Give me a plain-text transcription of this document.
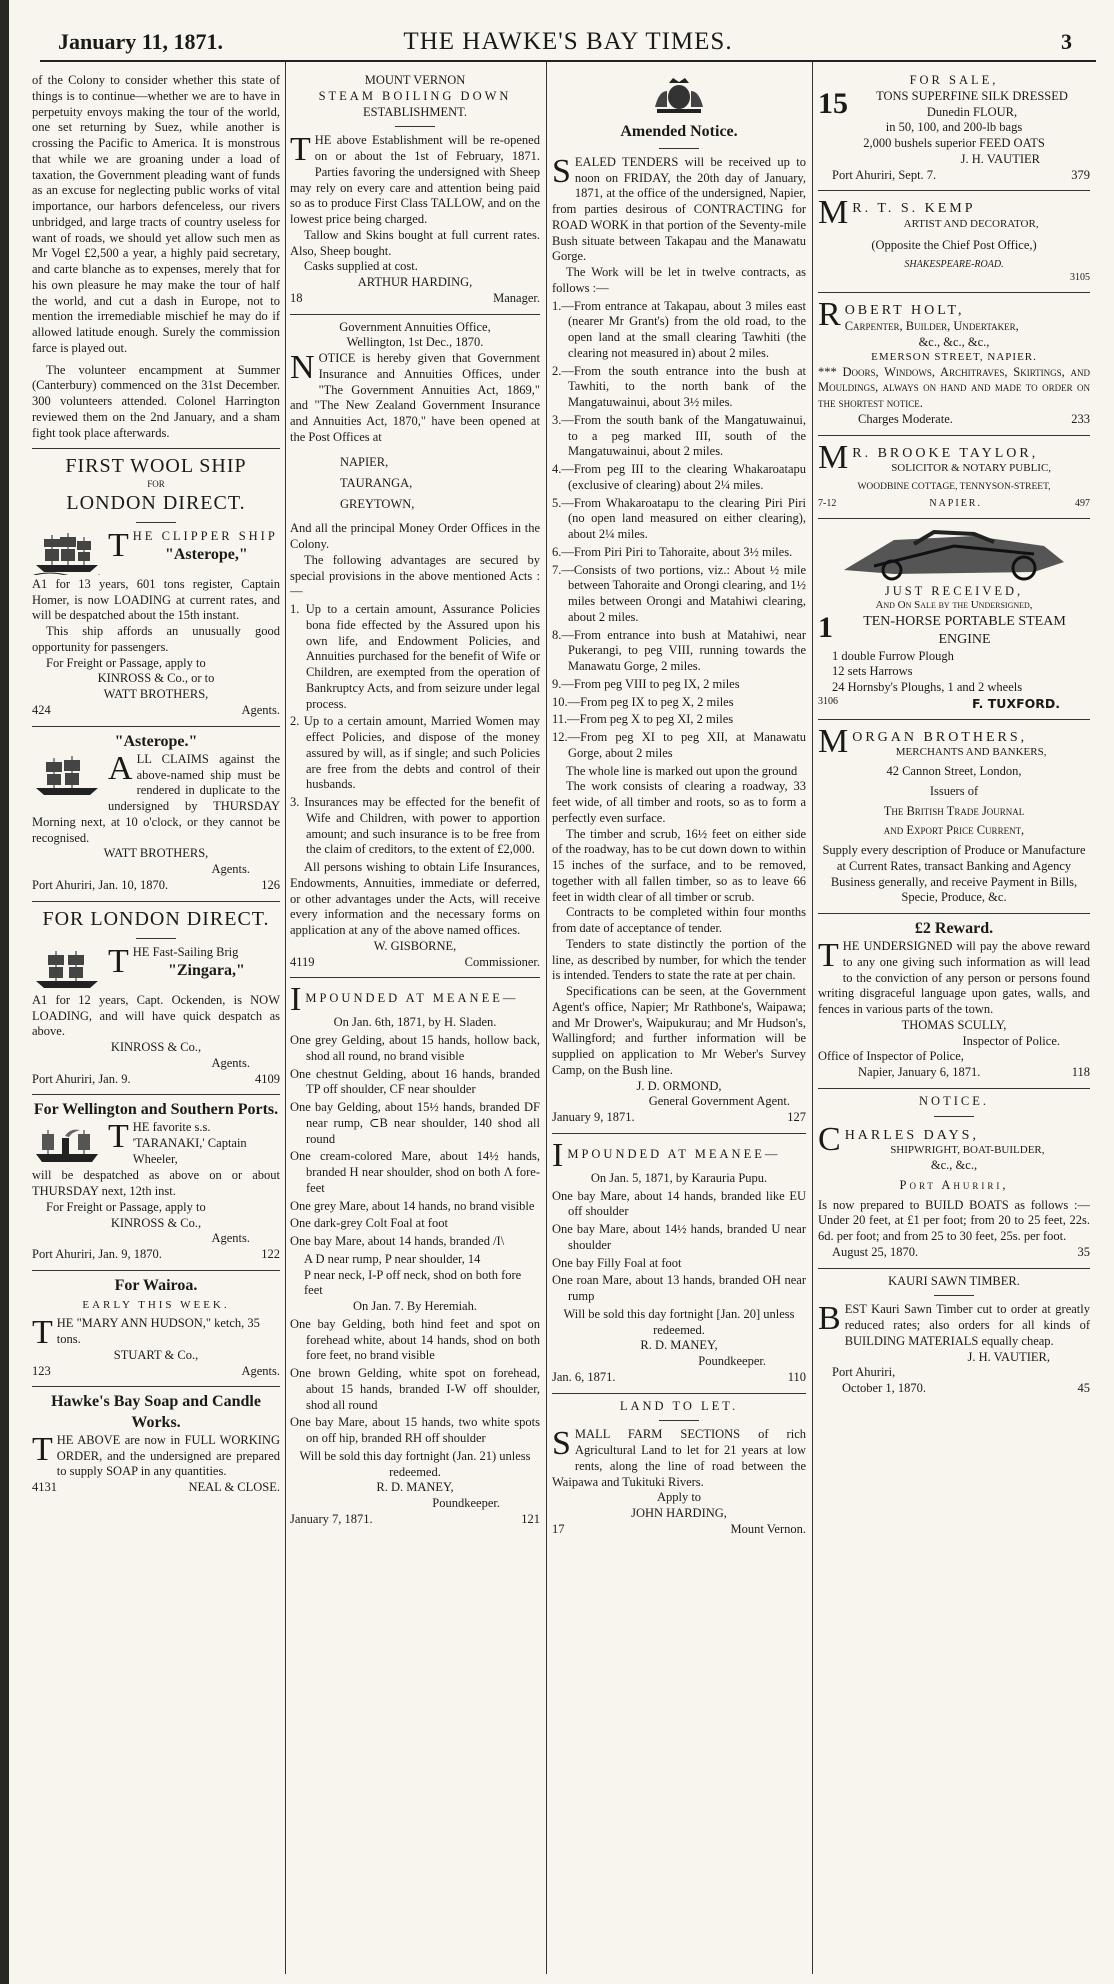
January 11, 1871.	THE HAWKE'S BAY TIMES.	3

of the Colony to consider whether this state of things is to continue—whether we are to have in perpetuity envoys making the tour of the world, one set returning by Suez, while another is crossing the Pacific to America. It is monstrous that while we are groaning under a load of taxation, the Government pleading want of funds as an excuse for neglecting public works of vital importance, our harbors defenceless, our rivers unbridged, and large tracts of country useless for want of roads, we should yet allow such men as Mr Vogel £2,500 a year, a highly paid secretary, and carte blanche as to expenses, merely that for his own pleasure he may make the tour of half the world, and cut a dash in Europe, not to mention the irremediable mischief he may do if allowed latitude enough. Surely the commission farce is played out.

The volunteer encampment at Summer (Canterbury) commenced on the 31st December. 300 volunteers attended. Colonel Harrington reviewed them on the 2nd January, and a sham fight took place afterwards.

FIRST WOOL SHIP

FOR

LONDON DIRECT.

T HE CLIPPER SHIP

"Asterope,"

A1 for 13 years, 601 tons register, Captain Homer, is now LOADING at current rates, and will be despatched about the 15th instant.

This ship affords an unusually good opportunity for passengers.

For Freight or Passage, apply to

KINROSS & Co., or to

WATT BROTHERS,

424	Agents.

"Asterope."

A LL CLAIMS against the above-named ship must be rendered in duplicate to the undersigned by THURSDAY Morning next, at 10 o'clock, or they cannot be recognised.

WATT BROTHERS,

Agents.

Port Ahuriri, Jan. 10, 1870.	126

FOR LONDON DIRECT.

T HE Fast-Sailing Brig

"Zingara,"

A1 for 12 years, Capt. Ockenden, is NOW LOADING, and will have quick despatch as above.

KINROSS & Co.,

Agents.

Port Ahuriri, Jan. 9.	4109

For Wellington and Southern Ports.

T HE favorite s.s. 'TARANAKI,' Captain Wheeler,

will be despatched as above on or about THURSDAY next, 12th inst.

For Freight or Passage, apply to

KINROSS & Co.,

Agents.

Port Ahuriri, Jan. 9, 1870.	122

For Wairoa.

EARLY THIS WEEK.

T HE "MARY ANN HUDSON," ketch, 35 tons.

STUART & Co.,

123	Agents.

Hawke's Bay Soap and Candle Works.

T HE ABOVE are now in FULL WORKING ORDER, and the undersigned are prepared to supply SOAP in any quantities.

4131	NEAL & CLOSE.

MOUNT VERNON

STEAM BOILING DOWN

ESTABLISHMENT.

T HE above Establishment will be re-opened on or about the 1st of February, 1871. Parties favoring the undersigned with Sheep may rely on every care and attention being paid so as to produce First Class TALLOW, and on the lowest price being charged.

Tallow and Skins bought at full current rates. Also, Sheep bought.

Casks supplied at cost.

ARTHUR HARDING,

18	Manager.

Government Annuities Office,

Wellington, 1st Dec., 1870.

N OTICE is hereby given that Government Insurance and Annuities Offices, under "The Government Annuities Act, 1869," and "The New Zealand Government Insurance and Annuities Act, 1870," have been opened at the Post Offices at

NAPIER,

TAURANGA,

GREYTOWN,

And all the principal Money Order Offices in the Colony.

The following advantages are secured by special provisions in the above mentioned Acts :—

1. Up to a certain amount, Assurance Policies bona fide effected by the Assured upon his own life, and Endowment Policies, and Annuities purchased for the benefit of Wife or Children, are exempted from the operation of Bankruptcy Acts, and from seizure under legal process.

2. Up to a certain amount, Married Women may effect Policies, and dispose of the money assured by will, as if single; and such Policies are free from the debts and control of their husbands.

3. Insurances may be effected for the benefit of Wife and Children, with power to apportion amount; and such insurance is to be free from the claim of creditors, to the extent of £2,000.

All persons wishing to obtain Life Insurances, Endowments, Annuities, immediate or deferred, or other advantages under the Acts, will receive every information and the necessary forms on application at any of the above named offices.

W. GISBORNE,

4119	Commissioner.
I MPOUNDED AT MEANEE—

On Jan. 6th, 1871, by H. Sladen.

One grey Gelding, about 15 hands, hollow back, shod all round, no brand visible

One chestnut Gelding, about 16 hands, branded TP off shoulder, CF near shoulder

One bay Gelding, about 15½ hands, branded DF near rump, ⊂B near shoulder, 140 shod all round

One cream-colored Mare, about 14½ hands, branded H near shoulder, shod on both Λ fore-feet

One grey Mare, about 14 hands, no brand visible

One dark-grey Colt Foal at foot

One bay Mare, about 14 hands, branded /I\

A D near rump, P near shoulder, 14

P near neck, I-P off neck, shod on both fore feet

On Jan. 7. By Heremiah.

One bay Gelding, both hind feet and spot on forehead white, about 14 hands, shod on both fore feet, no brand visible

One brown Gelding, white spot on forehead, about 15 hands, branded I-W off shoulder, shod all round

One bay Mare, about 15 hands, two white spots on off hip, branded RH off shoulder

Will be sold this day fortnight (Jan. 21) unless redeemed.

R. D. MANEY,

Poundkeeper.

January 7, 1871.	121

Amended Notice.

S EALED TENDERS will be received up to noon on FRIDAY, the 20th day of January, 1871, at the office of the undersigned, Napier, from parties desirous of CONTRACTING for ROAD WORK in that portion of the Seventy-mile Bush situate between Takapau and the Manawatu Gorge.

The Work will be let in twelve contracts, as follows :—

1.—From entrance at Takapau, about 3 miles east (nearer Mr Grant's) from the old road, to the open land at the small clearing Tawhiti (the clearing not measured in) about 2 miles.

2.—From the south entrance into the bush at Tawhiti, to the north bank of the Mangatuwainui, about 3½ miles.

3.—From the south bank of the Mangatuwainui, to a peg marked III, south of the Mangatuwainui, about 2 miles.

4.—From peg III to the clearing Whakaroatapu (exclusive of clearing) about 2¼ miles.

5.—From Whakaroatapu to the clearing Piri Piri (no open land measured on either clearing), about 2¼ miles.

6.—From Piri Piri to Tahoraite, about 3½ miles.

7.—Consists of two portions, viz.: About ½ mile between Tahoraite and Orongi clearing, and 1½ miles between Orongi and Matahiwi clearing, about 2 miles.

8.—From entrance into bush at Matahiwi, near Pukerangi, to peg VIII, running towards the Manawatu Gorge, 2 miles.

9.—From peg VIII to peg IX, 2 miles

10.—From peg IX to peg X, 2 miles

11.—From peg X to peg XI, 2 miles

12.—From peg XI to peg XII, at Manawatu Gorge, about 2 miles

The whole line is marked out upon the ground

The work consists of clearing a roadway, 33 feet wide, of all timber and roots, so as to form a perfectly even surface.

The timber and scrub, 16½ feet on either side of the roadway, has to be cut down down to within 15 inches of the surface, and to be removed, together with all fallen timber, so as to leave 66 feet in width clear of all timber or scrub.

Contracts to be completed within four months from date of acceptance of tender.

Tenders to state distinctly the portion of the line, as described by number, for which the tender is intended. Tenders to state the rate at per chain.

Specifications can be seen, at the Government Agent's office, Napier; Mr Rathbone's, Waipawa; and Mr Drower's, Waipukurau; and Mr Hudson's, Wallingford; and further information will be supplied on application to Mr Weber's Survey Camp, on the Bush line.

J. D. ORMOND,

General Government Agent.

January 9, 1871.	127
I MPOUNDED AT MEANEE—

On Jan. 5, 1871, by Karauria Pupu.

One bay Mare, about 14 hands, branded like EU off shoulder

One bay Mare, about 14½ hands, branded U near shoulder

One bay Filly Foal at foot

One roan Mare, about 13 hands, branded OH near rump

Will be sold this day fortnight [Jan. 20] unless redeemed.

R. D. MANEY,

Poundkeeper.

Jan. 6, 1871.	110

LAND TO LET.

S MALL FARM SECTIONS of rich Agricultural Land to let for 21 years at low rents, along the line of road between the Waipawa and Tukituki Rivers.

Apply to

JOHN HARDING,

17	Mount Vernon.

FOR SALE,

15	TONS SUPERFINE SILK DRESSED Dunedin FLOUR,

in 50, 100, and 200-lb bags

2,000 bushels superior FEED OATS

J. H. VAUTIER

Port Ahuriri, Sept. 7.	379
M R. T. S. KEMP

ARTIST AND DECORATOR,

(Opposite the Chief Post Office,)

SHAKESPEARE-ROAD.

3105

R OBERT HOLT,

Carpenter, Builder, Undertaker,

&c., &c., &c.,

EMERSON STREET, NAPIER.

*** Doors, Windows, Architraves, Skirtings, and Mouldings, always on hand and made to order on the shortest notice.

Charges Moderate.	233
M R. BROOKE TAYLOR,

SOLICITOR & NOTARY PUBLIC,

WOODBINE COTTAGE, TENNYSON-STREET,

7-12	NAPIER.	497

JUST RECEIVED,

And On Sale by the Undersigned,

1	TEN-HORSE PORTABLE STEAM ENGINE

1 double Furrow Plough

12 sets Harrows

24 Hornsby's Ploughs, 1 and 2 wheels

3106	F. TUXFORD.
M ORGAN BROTHERS,

MERCHANTS AND BANKERS,

42 Cannon Street, London,

Issuers of

The British Trade Journal

and Export Price Current,

Supply every description of Produce or Manufacture at Current Rates, transact Banking and Agency Business generally, and receive Payment in Bills, Specie, Produce, &c.

£2 Reward.

T HE UNDERSIGNED will pay the above reward to any one giving such information as will lead to the conviction of any person or persons found writing disgraceful language upon gates, walls, and fences in various parts of the town.

THOMAS SCULLY,

Inspector of Police.

Office of Inspector of Police,

Napier, January 6, 1871.	118

NOTICE.

C HARLES DAYS,

SHIPWRIGHT, BOAT-BUILDER,

&c., &c.,

Port Ahuriri,

Is now prepared to BUILD BOATS as follows :—Under 20 feet, at £1 per foot; from 20 to 25 feet, 22s. 6d. per foot; and from 25 to 30 feet, 25s. per foot.

August 25, 1870.	35

KAURI SAWN TIMBER.

B EST Kauri Sawn Timber cut to order at greatly reduced rates; also orders for all kinds of BUILDING MATERIALS equally cheap.

J. H. VAUTIER,

Port Ahuriri,

October 1, 1870.	45
